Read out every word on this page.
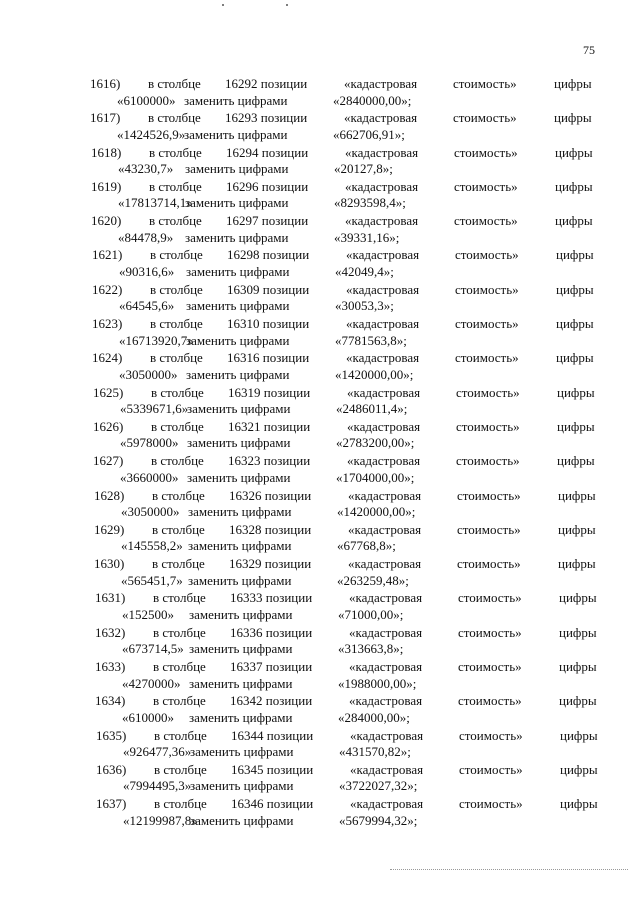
75
1616) в столбце 16292 позиции	«кадастровая	стоимость»	цифры
«6100000» заменить цифрами	«2840000,00»;
1617) в столбце 16293 позиции	«кадастровая	стоимость»	цифры
«1424526,9»
заменить цифрами	«662706,91»;
1618) в столбце 16294 позиции	«кадастровая	стоимость»	цифры
«43230,7» заменить цифрами	«20127,8»;
1619) в столбце 16296 позиции	«кадастровая	стоимость»	цифры
«17813714,1»
заменить цифрами	«8293598,4»;
1620) в столбце 16297 позиции	«кадастровая	стоимость»	цифры
«84478,9» заменить цифрами	«39331,16»;
1621) в столбце 16298 позиции	«кадастровая	стоимость»	цифры
«90316,6» заменить цифрами	«42049,4»;
1622) в столбце 16309 позиции	«кадастровая	стоимость»	цифры
«64545,6» заменить цифрами	«30053,3»;
1623) в столбце 16310 позиции	«кадастровая	стоимость»	цифры
«16713920,7»
заменить цифрами	«7781563,8»;
1624) в столбце 16316 позиции	«кадастровая	стоимость»	цифры
«3050000» заменить цифрами	«1420000,00»;
1625) в столбце 16319 позиции	«кадастровая	стоимость»	цифры
«5339671,6»
заменить цифрами	«2486011,4»;
1626) в столбце 16321 позиции	«кадастровая	стоимость»	цифры
«5978000» заменить цифрами	«2783200,00»;
1627) в столбце 16323 позиции	«кадастровая	стоимость»	цифры
«3660000» заменить цифрами	«1704000,00»;
1628) в столбце 16326 позиции	«кадастровая	стоимость»	цифры
«3050000» заменить цифрами	«1420000,00»;
1629) в столбце 16328 позиции	«кадастровая	стоимость»	цифры
«145558,2» заменить цифрами	«67768,8»;
1630) в столбце 16329 позиции	«кадастровая	стоимость»	цифры
«565451,7» заменить цифрами	«263259,48»;
1631) в столбце 16333 позиции	«кадастровая	стоимость»	цифры
«152500» заменить цифрами	«71000,00»;
1632) в столбце 16336 позиции	«кадастровая	стоимость»	цифры
«673714,5» заменить цифрами	«313663,8»;
1633) в столбце 16337 позиции	«кадастровая	стоимость»	цифры
«4270000» заменить цифрами	«1988000,00»;
1634) в столбце 16342 позиции	«кадастровая	стоимость»	цифры
«610000» заменить цифрами	«284000,00»;
1635) в столбце 16344 позиции	«кадастровая	стоимость»	цифры
«926477,36»
заменить цифрами	«431570,82»;
1636) в столбце 16345 позиции	«кадастровая	стоимость»	цифры
«7994495,3»
заменить цифрами	«3722027,32»;
1637) в столбце 16346 позиции	«кадастровая	стоимость»	цифры
«12199987,8»
заменить цифрами	«5679994,32»;
